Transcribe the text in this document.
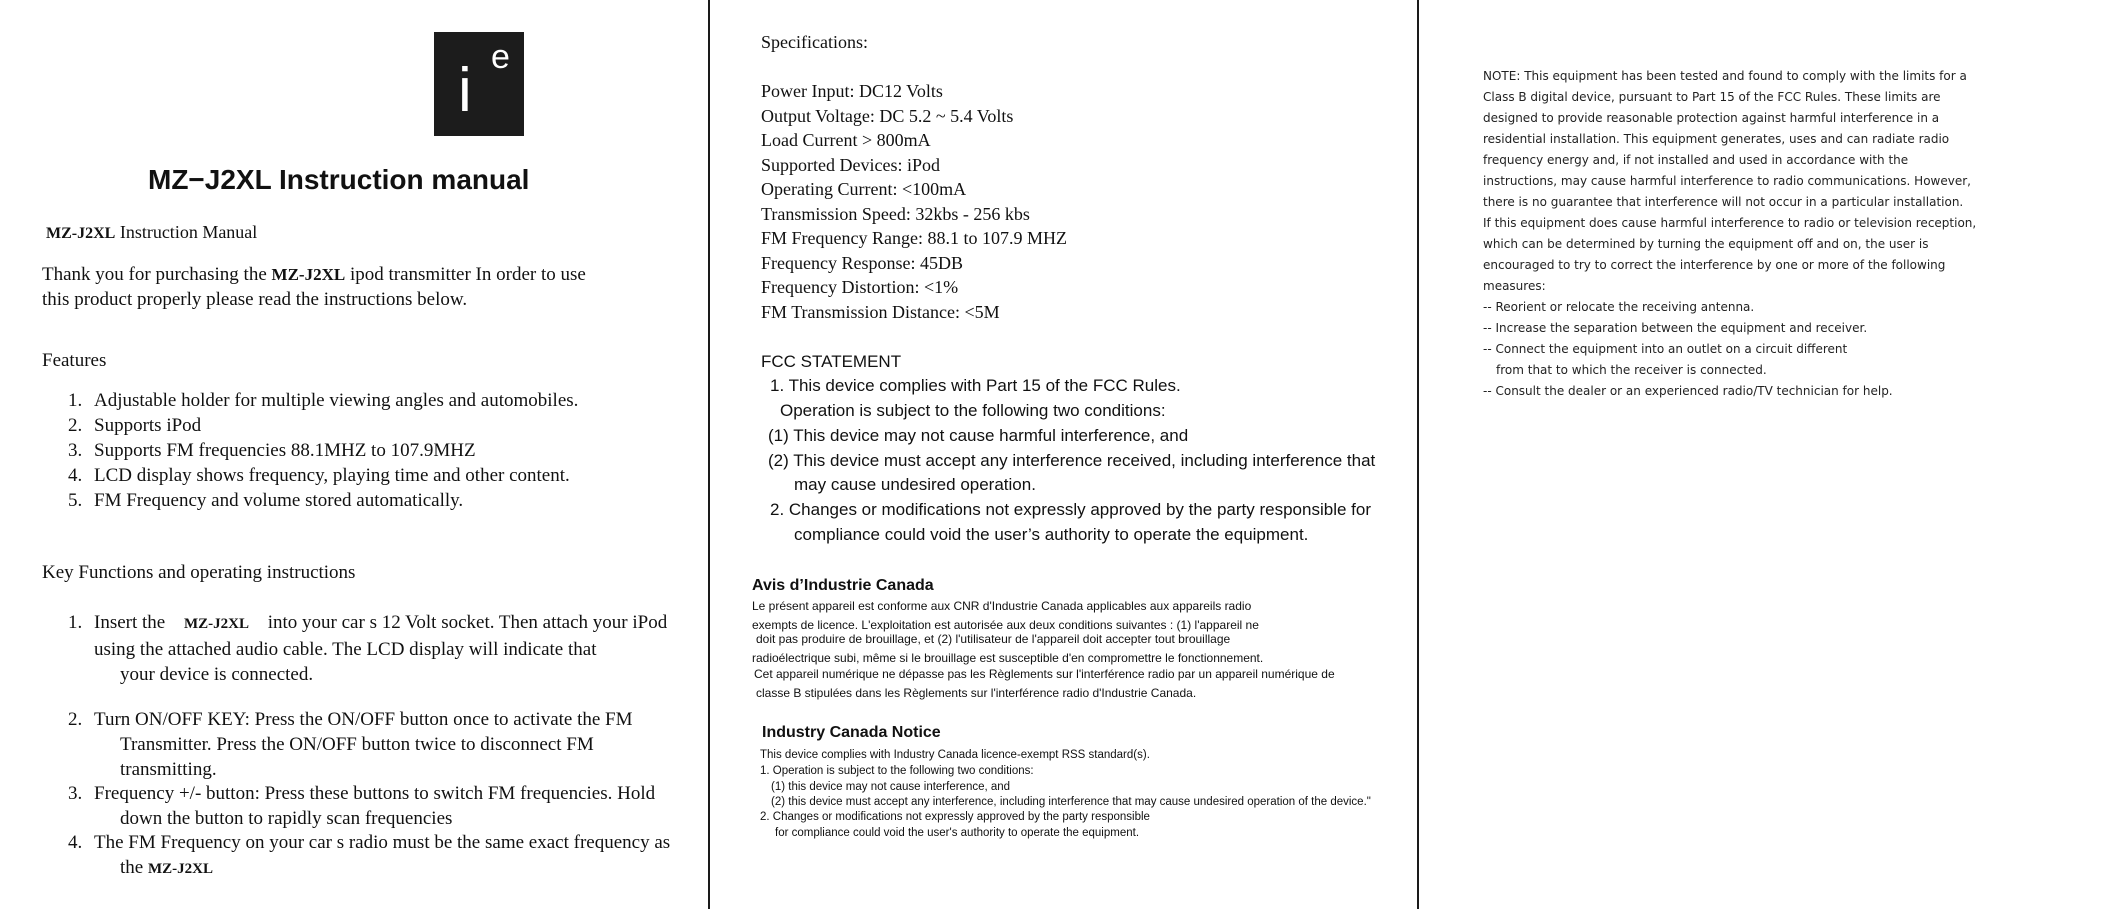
i e
MZ−J2XL Instruction manual
MZ-J2XL Instruction Manual
Thank you for purchasing the MZ-J2XL ipod transmitter In order to use
this product properly please read the instructions below.
Features
1. Adjustable holder for multiple viewing angles and automobiles.
2. Supports iPod
3. Supports FM frequencies 88.1MHZ to 107.9MHZ
4. LCD display shows frequency, playing time and other content.
5. FM Frequency and volume stored automatically.
Key Functions and operating instructions
1. Insert the MZ-J2XL into your car s 12 Volt socket. Then attach your iPod
using the attached audio cable. The LCD display will indicate that
your device is connected.
2. Turn ON/OFF KEY: Press the ON/OFF button once to activate the FM
Transmitter. Press the ON/OFF button twice to disconnect FM
transmitting.
3. Frequency +/- button: Press these buttons to switch FM frequencies. Hold
down the button to rapidly scan frequencies
4. The FM Frequency on your car s radio must be the same exact frequency as
the MZ-J2XL
Specifications:
Power Input: DC12 Volts
Output Voltage: DC 5.2 ~ 5.4 Volts
Load Current > 800mA
Supported Devices: iPod
Operating Current: <100mA
Transmission Speed: 32kbs - 256 kbs
FM Frequency Range: 88.1 to 107.9 MHZ
Frequency Response: 45DB
Frequency Distortion: <1%
FM Transmission Distance: <5M
FCC STATEMENT
1. This device complies with Part 15 of the FCC Rules.
Operation is subject to the following two conditions:
(1) This device may not cause harmful interference, and
(2) This device must accept any interference received, including interference that
may cause undesired operation.
2. Changes or modifications not expressly approved by the party responsible for
compliance could void the user’s authority to operate the equipment.
Avis d’Industrie Canada
Le présent appareil est conforme aux CNR d'Industrie Canada applicables aux appareils radio
exempts de licence. L'exploitation est autorisée aux deux conditions suivantes : (1) l'appareil ne
doit pas produire de brouillage, et (2) l'utilisateur de l'appareil doit accepter tout brouillage
radioélectrique subi, même si le brouillage est susceptible d'en compromettre le fonctionnement.
Cet appareil numérique ne dépasse pas les Règlements sur l'interférence radio par un appareil numérique de
classe B stipulées dans les Règlements sur l'interférence radio d'Industrie Canada.
Industry Canada Notice
This device complies with Industry Canada licence-exempt RSS standard(s).
1. Operation is subject to the following two conditions:
(1) this device may not cause interference, and
(2) this device must accept any interference, including interference that may cause undesired operation of the device."
2. Changes or modifications not expressly approved by the party responsible
for compliance could void the user's authority to operate the equipment.
NOTE: This equipment has been tested and found to comply with the limits for a
Class B digital device, pursuant to Part 15 of the FCC Rules. These limits are
designed to provide reasonable protection against harmful interference in a
residential installation. This equipment generates, uses and can radiate radio
frequency energy and, if not installed and used in accordance with the
instructions, may cause harmful interference to radio communications. However,
there is no guarantee that interference will not occur in a particular installation.
If this equipment does cause harmful interference to radio or television reception,
which can be determined by turning the equipment off and on, the user is
encouraged to try to correct the interference by one or more of the following
measures:
-- Reorient or relocate the receiving antenna.
-- Increase the separation between the equipment and receiver.
-- Connect the equipment into an outlet on a circuit different
from that to which the receiver is connected.
-- Consult the dealer or an experienced radio/TV technician for help.
